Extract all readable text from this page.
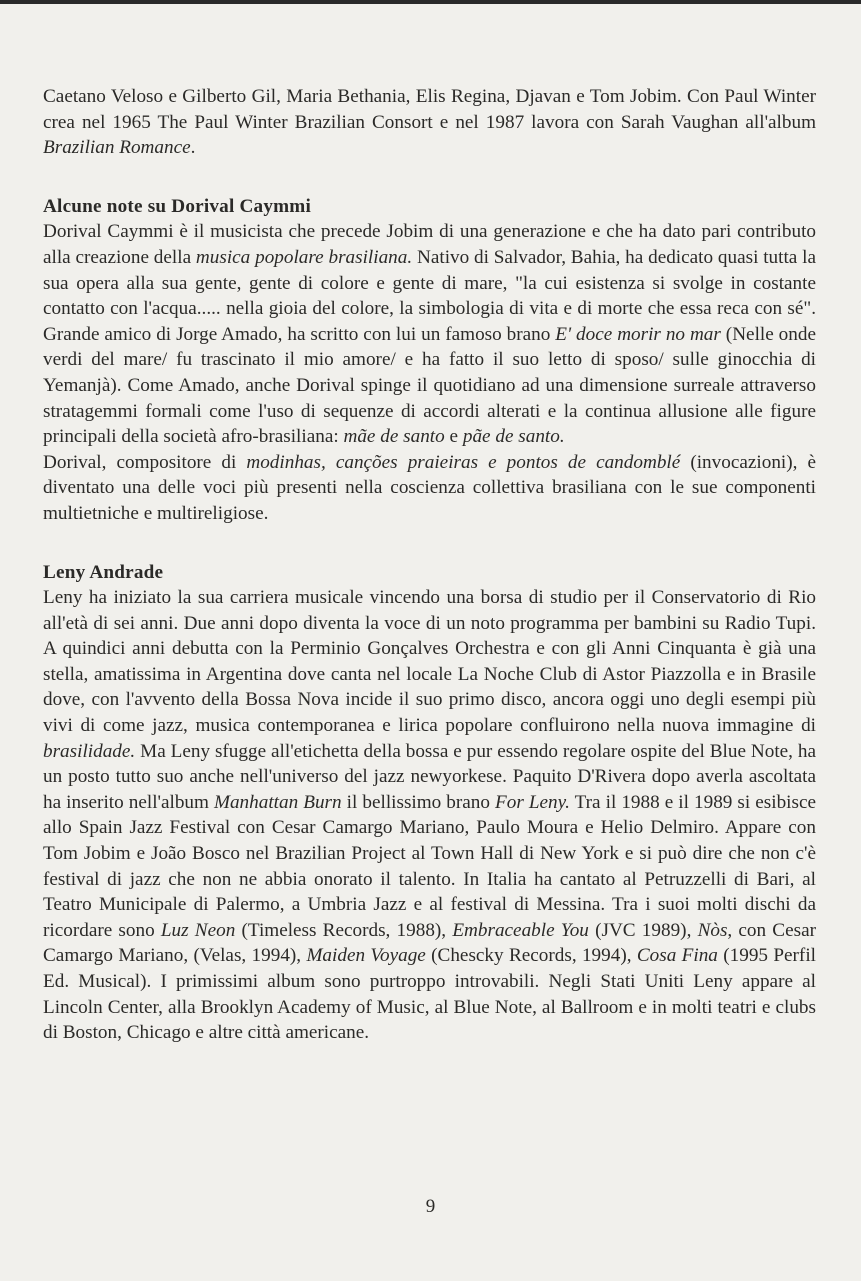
Caetano Veloso e Gilberto Gil, Maria Bethania, Elis Regina, Djavan e Tom Jobim. Con Paul Winter crea nel 1965 The Paul Winter Brazilian Consort e nel 1987 lavora con Sarah Vaughan all'album Brazilian Romance.

Alcune note su Dorival Caymmi

Dorival Caymmi è il musicista che precede Jobim di una generazione e che ha dato pari contributo alla creazione della musica popolare brasiliana. Nativo di Salvador, Bahia, ha dedicato quasi tutta la sua opera alla sua gente, gente di colore e gente di mare, "la cui esistenza si svolge in costante contatto con l'acqua..... nella gioia del colore, la simbologia di vita e di morte che essa reca con sé". Grande amico di Jorge Amado, ha scritto con lui un famoso brano E' doce morir no mar (Nelle onde verdi del mare/ fu trascinato il mio amore/ e ha fatto il suo letto di sposo/ sulle ginocchia di Yemanjà). Come Amado, anche Dorival spinge il quotidiano ad una dimensione surreale attraverso stratagemmi formali come l'uso di sequenze di accordi alterati e la continua allusione alle figure principali della società afro-brasiliana: mãe de santo e pãe de santo.

Dorival, compositore di modinhas, canções praieiras e pontos de candomblé (invocazioni), è diventato una delle voci più presenti nella coscienza collettiva brasiliana con le sue componenti multietniche e multireligiose.

Leny Andrade

Leny ha iniziato la sua carriera musicale vincendo una borsa di studio per il Conservatorio di Rio all'età di sei anni. Due anni dopo diventa la voce di un noto programma per bambini su Radio Tupi. A quindici anni debutta con la Perminio Gonçalves Orchestra e con gli Anni Cinquanta è già una stella, amatissima in Argentina dove canta nel locale La Noche Club di Astor Piazzolla e in Brasile dove, con l'avvento della Bossa Nova incide il suo primo disco, ancora oggi uno degli esempi più vivi di come jazz, musica contemporanea e lirica popolare confluirono nella nuova immagine di brasilidade. Ma Leny sfugge all'etichetta della bossa e pur essendo regolare ospite del Blue Note, ha un posto tutto suo anche nell'universo del jazz newyorkese. Paquito D'Rivera dopo averla ascoltata ha inserito nell'album Manhattan Burn il bellissimo brano For Leny. Tra il 1988 e il 1989 si esibisce allo Spain Jazz Festival con Cesar Camargo Mariano, Paulo Moura e Helio Delmiro. Appare con Tom Jobim e João Bosco nel Brazilian Project al Town Hall di New York e si può dire che non c'è festival di jazz che non ne abbia onorato il talento. In Italia ha cantato al Petruzzelli di Bari, al Teatro Municipale di Palermo, a Umbria Jazz e al festival di Messina. Tra i suoi molti dischi da ricordare sono Luz Neon (Timeless Records, 1988), Embraceable You (JVC 1989), Nòs, con Cesar Camargo Mariano, (Velas, 1994), Maiden Voyage (Chescky Records, 1994), Cosa Fina (1995 Perfil Ed. Musical). I primissimi album sono purtroppo introvabili. Negli Stati Uniti Leny appare al Lincoln Center, alla Brooklyn Academy of Music, al Blue Note, al Ballroom e in molti teatri e clubs di Boston, Chicago e altre città americane.

9
